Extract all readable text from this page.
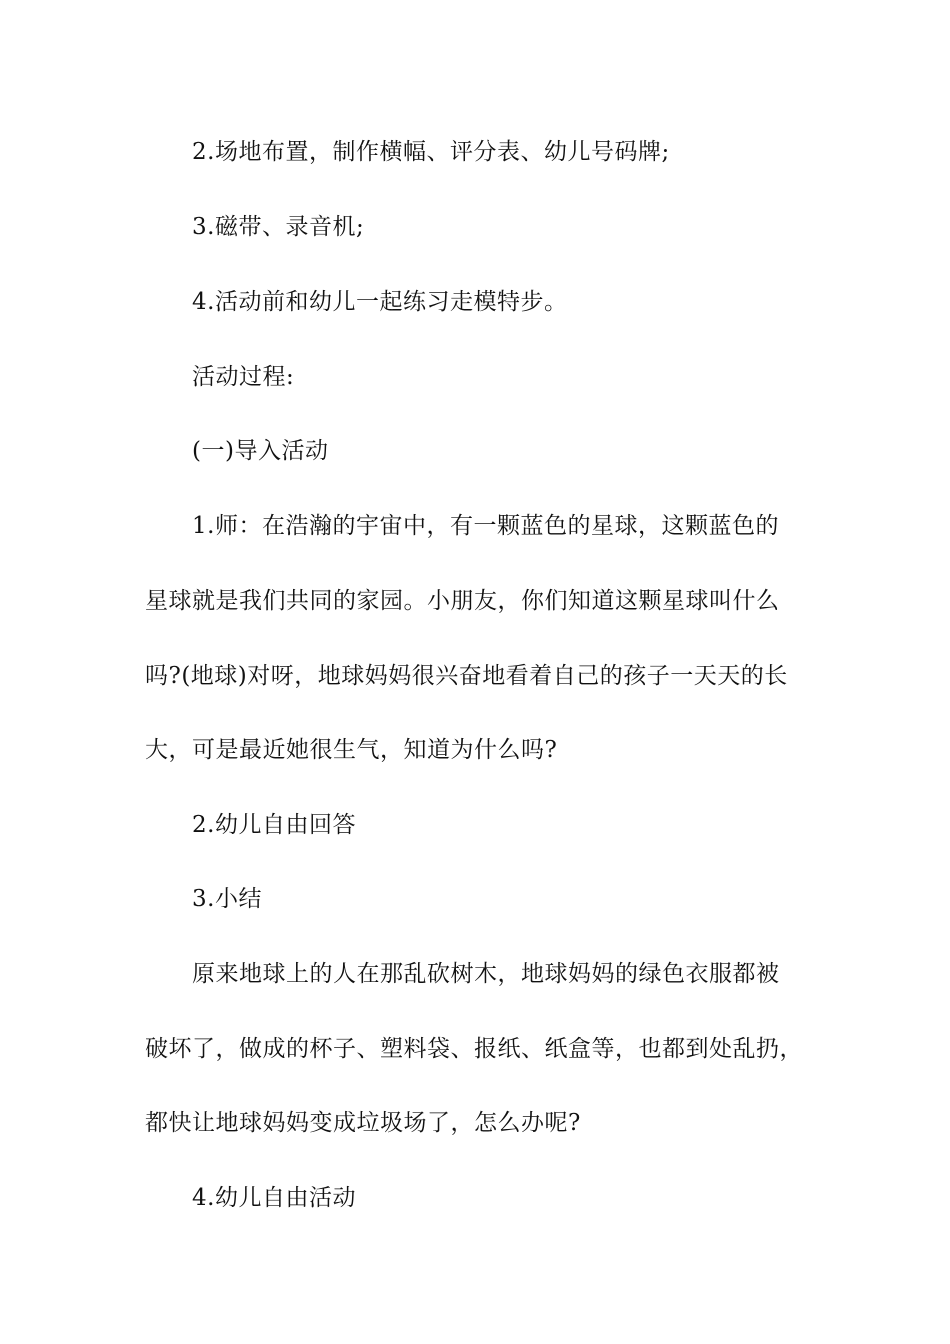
2.场地布置，制作横幅、评分表、幼儿号码牌;
3.磁带、录音机;
4.活动前和幼儿一起练习走模特步。
活动过程:
(一)导入活动
1.师：在浩瀚的宇宙中，有一颗蓝色的星球，这颗蓝色的
星球就是我们共同的家园。小朋友，你们知道这颗星球叫什么
吗?(地球)对呀，地球妈妈很兴奋地看着自己的孩子一天天的长
大，可是最近她很生气，知道为什么吗?
2.幼儿自由回答
3.小结
原来地球上的人在那乱砍树木，地球妈妈的绿色衣服都被
破坏了，做成的杯子、塑料袋、报纸、纸盒等，也都到处乱扔，
都快让地球妈妈变成垃圾场了，怎么办呢?
4.幼儿自由活动
